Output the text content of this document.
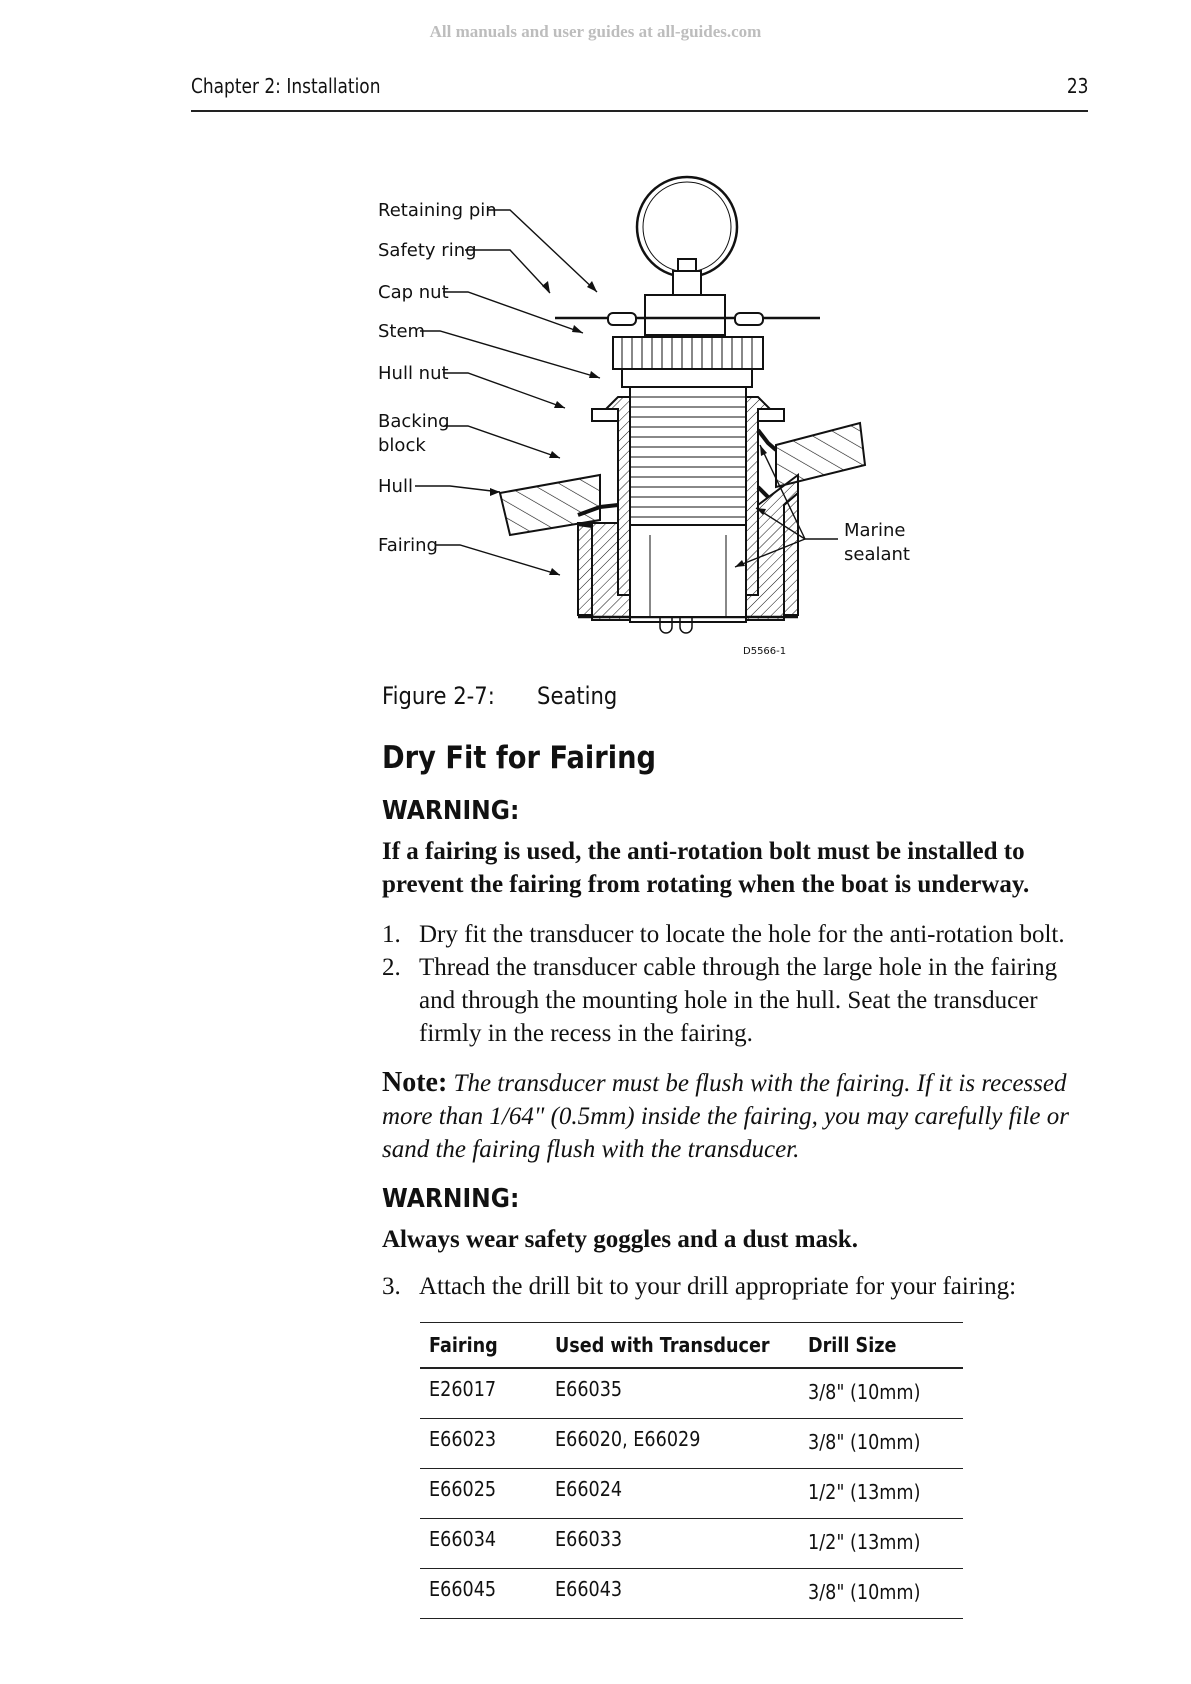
All manuals and user guides at all-guides.com
Chapter 2: Installation	23
Retaining pin
Safety ring
Cap nut
Stem
Hull nut
Backing
block
Hull
Fairing
Marine
sealant
D5566-1
Figure 2-7: Seating
Dry Fit for Fairing
WARNING:
If a fairing is used, the anti-rotation bolt must be installed to prevent the fairing from rotating when the boat is underway.
1. Dry fit the transducer to locate the hole for the anti-rotation bolt.
2. Thread the transducer cable through the large hole in the fairing and through the mounting hole in the hull. Seat the transducer firmly in the recess in the fairing.
Note: The transducer must be flush with the fairing. If it is recessed more than 1/64" (0.5mm) inside the fairing, you may carefully file or sand the fairing flush with the transducer.
WARNING:
Always wear safety goggles and a dust mask.
3. Attach the drill bit to your drill appropriate for your fairing:
Fairing	Used with Transducer	Drill Size
E26017	E66035	3/8" (10mm)
E66023	E66020, E66029	3/8" (10mm)
E66025	E66024	1/2" (13mm)
E66034	E66033	1/2" (13mm)
E66045	E66043	3/8" (10mm)
